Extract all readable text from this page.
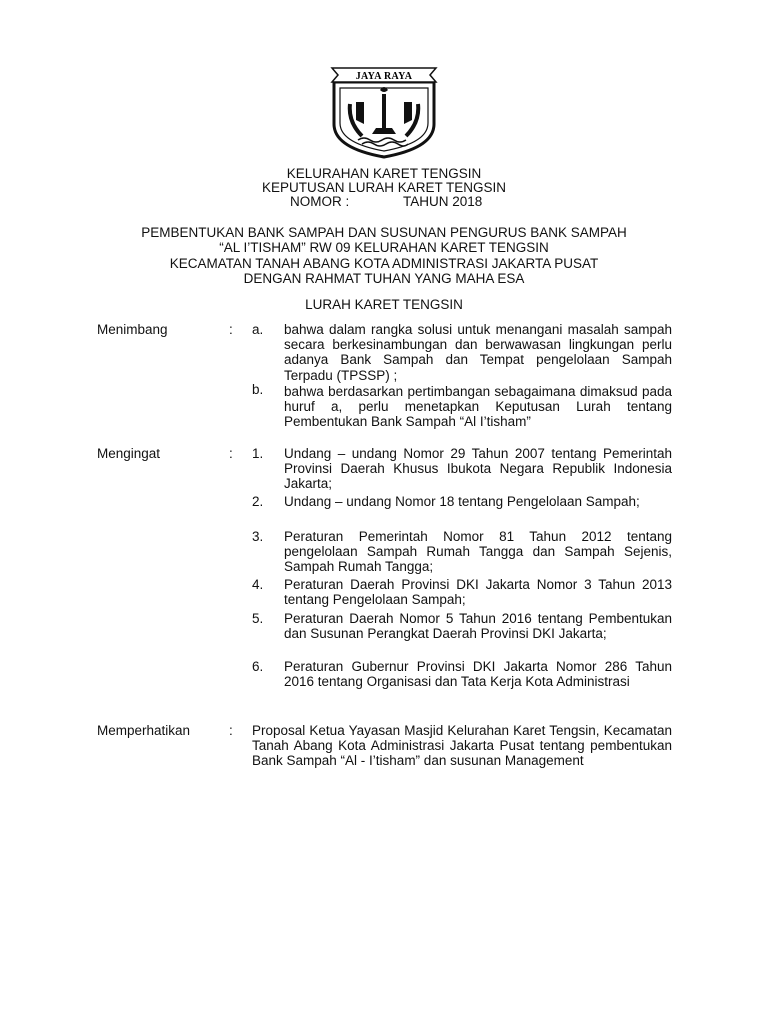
JAYA RAYA
KELURAHAN KARET TENGSIN
KEPUTUSAN LURAH KARET TENGSIN
NOMOR :	TAHUN 2018
PEMBENTUKAN BANK SAMPAH DAN SUSUNAN PENGURUS BANK SAMPAH
“AL I’TISHAM” RW 09 KELURAHAN KARET TENGSIN
KECAMATAN TANAH ABANG KOTA ADMINISTRASI JAKARTA PUSAT
DENGAN RAHMAT TUHAN YANG MAHA ESA
LURAH KARET TENGSIN
Menimbang	: a. bahwa dalam rangka solusi untuk menangani masalah sampah secara berkesinambungan dan berwawasan lingkungan perlu adanya Bank Sampah dan Tempat pengelolaan Sampah Terpadu (TPSSP) ;
b. bahwa berdasarkan pertimbangan sebagaimana dimaksud pada huruf a, perlu menetapkan Keputusan Lurah tentang Pembentukan Bank Sampah “Al I’tisham”
Mengingat	: 1. Undang – undang Nomor 29 Tahun 2007 tentang Pemerintah Provinsi Daerah Khusus Ibukota Negara Republik Indonesia Jakarta;
2. Undang – undang Nomor 18 tentang Pengelolaan Sampah;
3. Peraturan Pemerintah Nomor 81 Tahun 2012 tentang pengelolaan Sampah Rumah Tangga dan Sampah Sejenis, Sampah Rumah Tangga;
4. Peraturan Daerah Provinsi DKI Jakarta Nomor 3 Tahun 2013 tentang Pengelolaan Sampah;
5. Peraturan Daerah Nomor 5 Tahun 2016 tentang Pembentukan dan Susunan Perangkat Daerah Provinsi DKI Jakarta;
6. Peraturan Gubernur Provinsi DKI Jakarta Nomor 286 Tahun 2016 tentang Organisasi dan Tata Kerja Kota Administrasi
Memperhatikan	: Proposal Ketua Yayasan Masjid Kelurahan Karet Tengsin, Kecamatan Tanah Abang Kota Administrasi Jakarta Pusat tentang pembentukan Bank Sampah “Al - I’tisham” dan susunan Management
